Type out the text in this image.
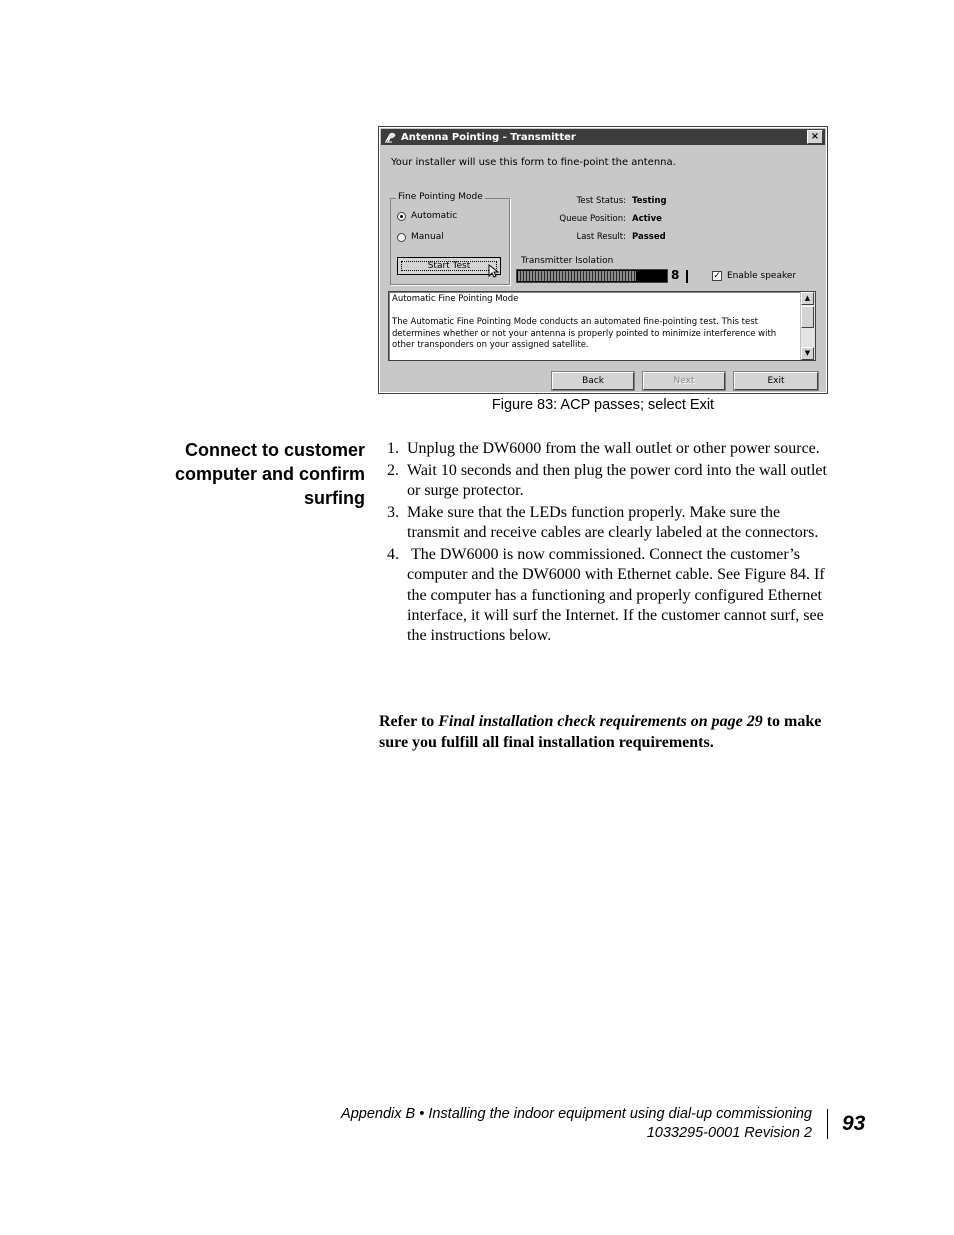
Antenna Pointing - Transmitter	×
Your installer will use this form to fine-point the antenna.
Fine Pointing Mode
Automatic
Manual
Start Test
Test Status: Testing
Queue Position: Active
Last Result: Passed
Transmitter Isolation
8	✓ Enable speaker

Automatic Fine Pointing Mode

The Automatic Fine Pointing Mode conducts an automated fine-pointing test. This test determines whether or not your antenna is properly pointed to minimize interference with other transponders on your assigned satellite.

▲
▼
Back	Next	Exit
Figure 83: ACP passes; select Exit
Connect to customer computer and confirm surfing
1. Unplug the DW6000 from the wall outlet or other power source.
2. Wait 10 seconds and then plug the power cord into the wall outlet or surge protector.
3. Make sure that the LEDs function properly. Make sure the transmit and receive cables are clearly labeled at the connectors.
4. The DW6000 is now commissioned. Connect the customer’s computer and the DW6000 with Ethernet cable. See Figure 84. If the computer has a functioning and properly configured Ethernet interface, it will surf the Internet. If the customer cannot surf, see the instructions below.

Refer to Final installation check requirements on page 29 to make sure you fulfill all final installation requirements.

Appendix B • Installing the indoor equipment using dial-up commissioning
1033295-0001 Revision 2 93
